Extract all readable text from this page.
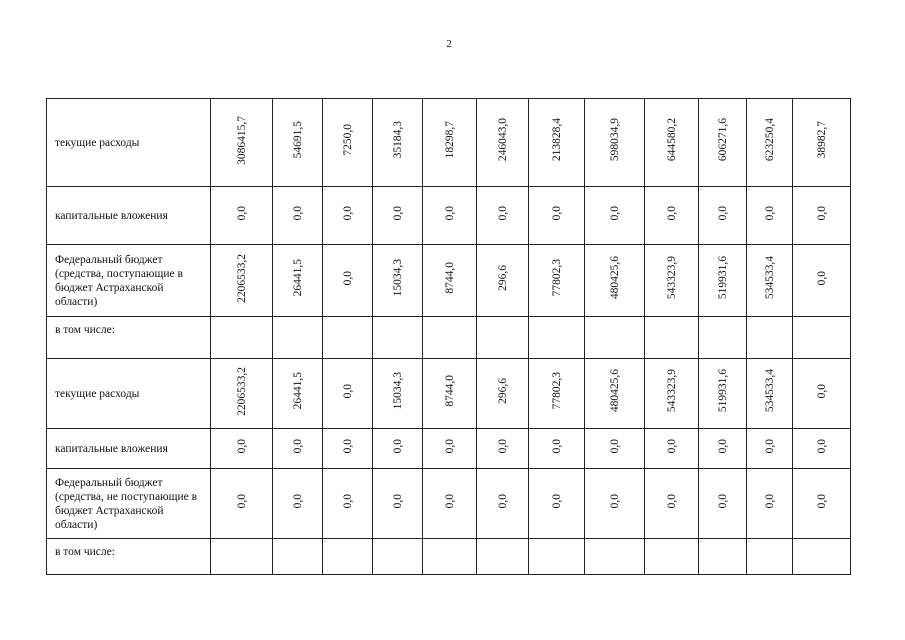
2
текущие расходы	3086415,7	54691,5	7250,0	35184,3	18298,7	246043,0	213828,4	598034,9	644580,2	606271,6	623250,4	38982,7
капитальные вложения	0,0	0,0	0,0	0,0	0,0	0,0	0,0	0,0	0,0	0,0	0,0	0,0
Федеральный бюджет (средства, поступающие в бюджет Астраханской области)	2206533,2	26441,5	0,0	15034,3	8744,0	296,6	77802,3	480425,6	543323,9	519931,6	534533,4	0,0
в том числе:												
текущие расходы	2206533,2	26441,5	0,0	15034,3	8744,0	296,6	77802,3	480425,6	543323,9	519931,6	534533,4	0,0
капитальные вложения	0,0	0,0	0,0	0,0	0,0	0,0	0,0	0,0	0,0	0,0	0,0	0,0
Федеральный бюджет (средства, не поступающие в бюджет Астраханской области)	0,0	0,0	0,0	0,0	0,0	0,0	0,0	0,0	0,0	0,0	0,0	0,0
в том числе:												
